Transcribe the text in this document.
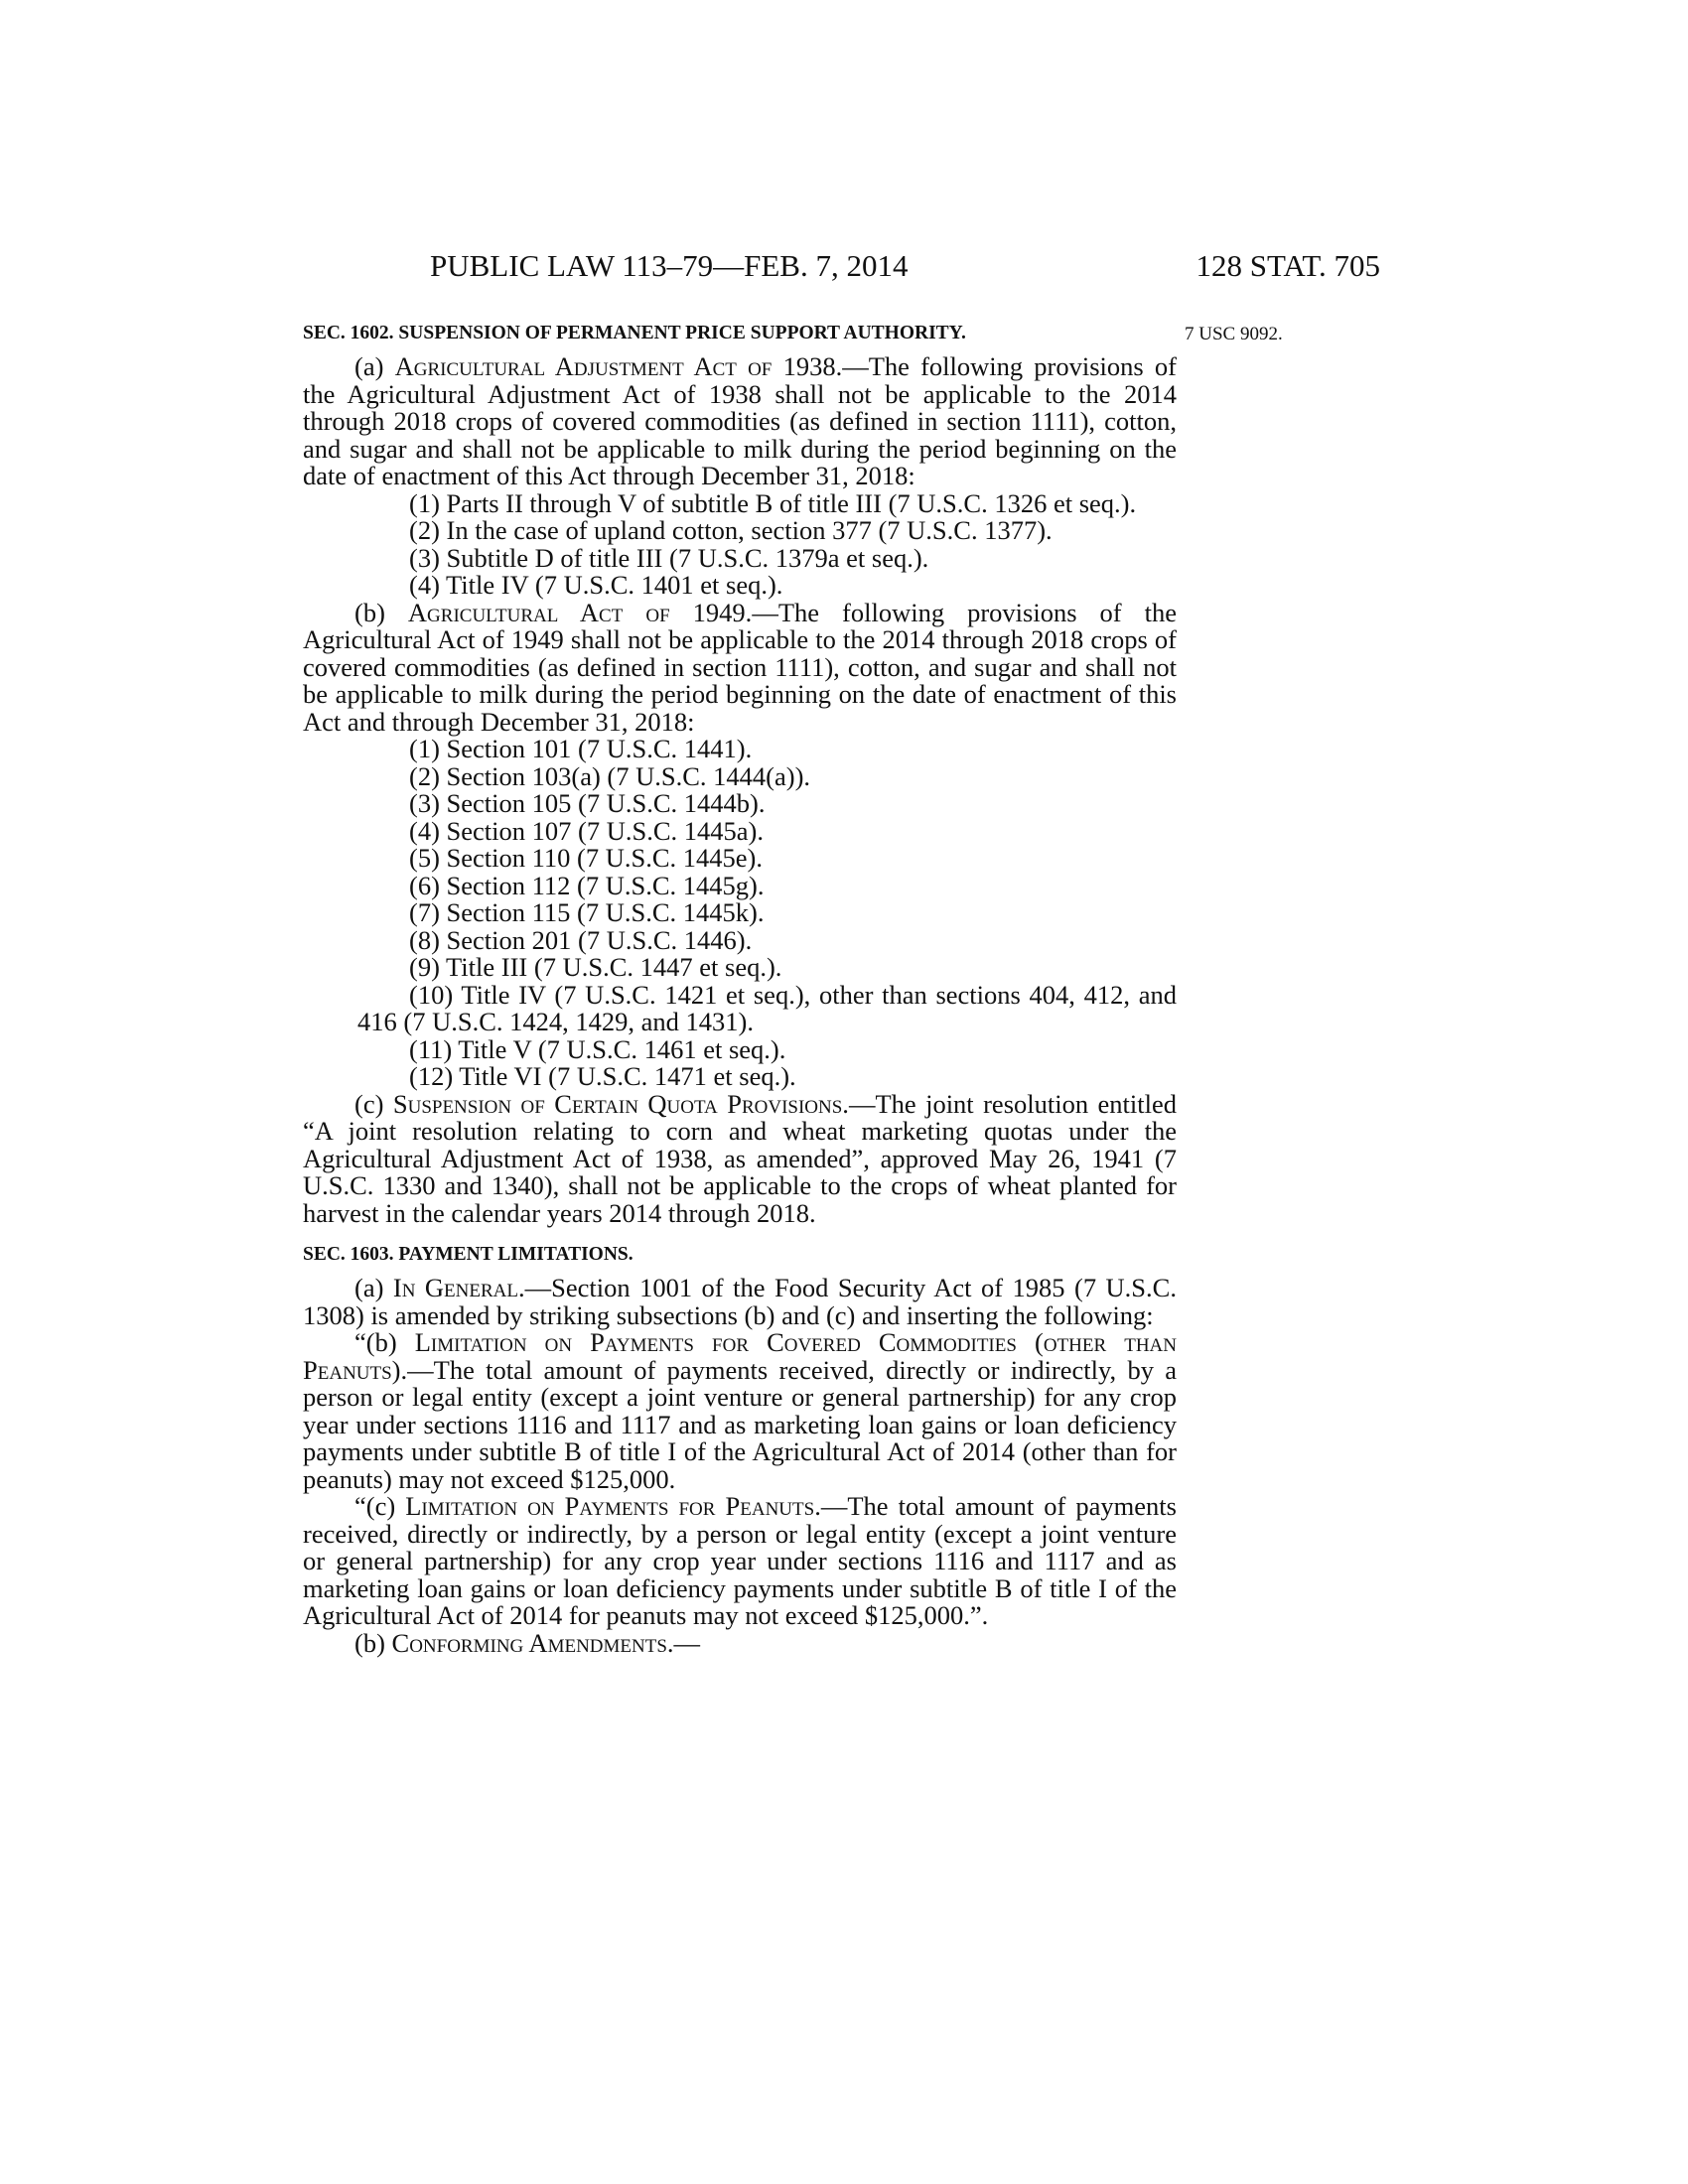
PUBLIC LAW 113–79—FEB. 7, 2014	128 STAT. 705
7 USC 9092.
SEC. 1602. SUSPENSION OF PERMANENT PRICE SUPPORT AUTHORITY.

(a) Agricultural Adjustment Act of 1938.—The following provisions of the Agricultural Adjustment Act of 1938 shall not be applicable to the 2014 through 2018 crops of covered commodities (as defined in section 1111), cotton, and sugar and shall not be applicable to milk during the period beginning on the date of enactment of this Act through December 31, 2018:

(1) Parts II through V of subtitle B of title III (7 U.S.C. 1326 et seq.).

(2) In the case of upland cotton, section 377 (7 U.S.C. 1377).

(3) Subtitle D of title III (7 U.S.C. 1379a et seq.).

(4) Title IV (7 U.S.C. 1401 et seq.).

(b) Agricultural Act of 1949.—The following provisions of the Agricultural Act of 1949 shall not be applicable to the 2014 through 2018 crops of covered commodities (as defined in section 1111), cotton, and sugar and shall not be applicable to milk during the period beginning on the date of enactment of this Act and through December 31, 2018:

(1) Section 101 (7 U.S.C. 1441).

(2) Section 103(a) (7 U.S.C. 1444(a)).

(3) Section 105 (7 U.S.C. 1444b).

(4) Section 107 (7 U.S.C. 1445a).

(5) Section 110 (7 U.S.C. 1445e).

(6) Section 112 (7 U.S.C. 1445g).

(7) Section 115 (7 U.S.C. 1445k).

(8) Section 201 (7 U.S.C. 1446).

(9) Title III (7 U.S.C. 1447 et seq.).

(10) Title IV (7 U.S.C. 1421 et seq.), other than sections 404, 412, and 416 (7 U.S.C. 1424, 1429, and 1431).

(11) Title V (7 U.S.C. 1461 et seq.).

(12) Title VI (7 U.S.C. 1471 et seq.).

(c) Suspension of Certain Quota Provisions.—The joint resolution entitled “A joint resolution relating to corn and wheat marketing quotas under the Agricultural Adjustment Act of 1938, as amended”, approved May 26, 1941 (7 U.S.C. 1330 and 1340), shall not be applicable to the crops of wheat planted for harvest in the calendar years 2014 through 2018.

SEC. 1603. PAYMENT LIMITATIONS.

(a) In General.—Section 1001 of the Food Security Act of 1985 (7 U.S.C. 1308) is amended by striking subsections (b) and (c) and inserting the following:

“(b) Limitation on Payments for Covered Commodities (other than Peanuts).—The total amount of payments received, directly or indirectly, by a person or legal entity (except a joint venture or general partnership) for any crop year under sections 1116 and 1117 and as marketing loan gains or loan deficiency payments under subtitle B of title I of the Agricultural Act of 2014 (other than for peanuts) may not exceed $125,000.

“(c) Limitation on Payments for Peanuts.—The total amount of payments received, directly or indirectly, by a person or legal entity (except a joint venture or general partnership) for any crop year under sections 1116 and 1117 and as marketing loan gains or loan deficiency payments under subtitle B of title I of the Agricultural Act of 2014 for peanuts may not exceed $125,000.”.

(b) Conforming Amendments.—
